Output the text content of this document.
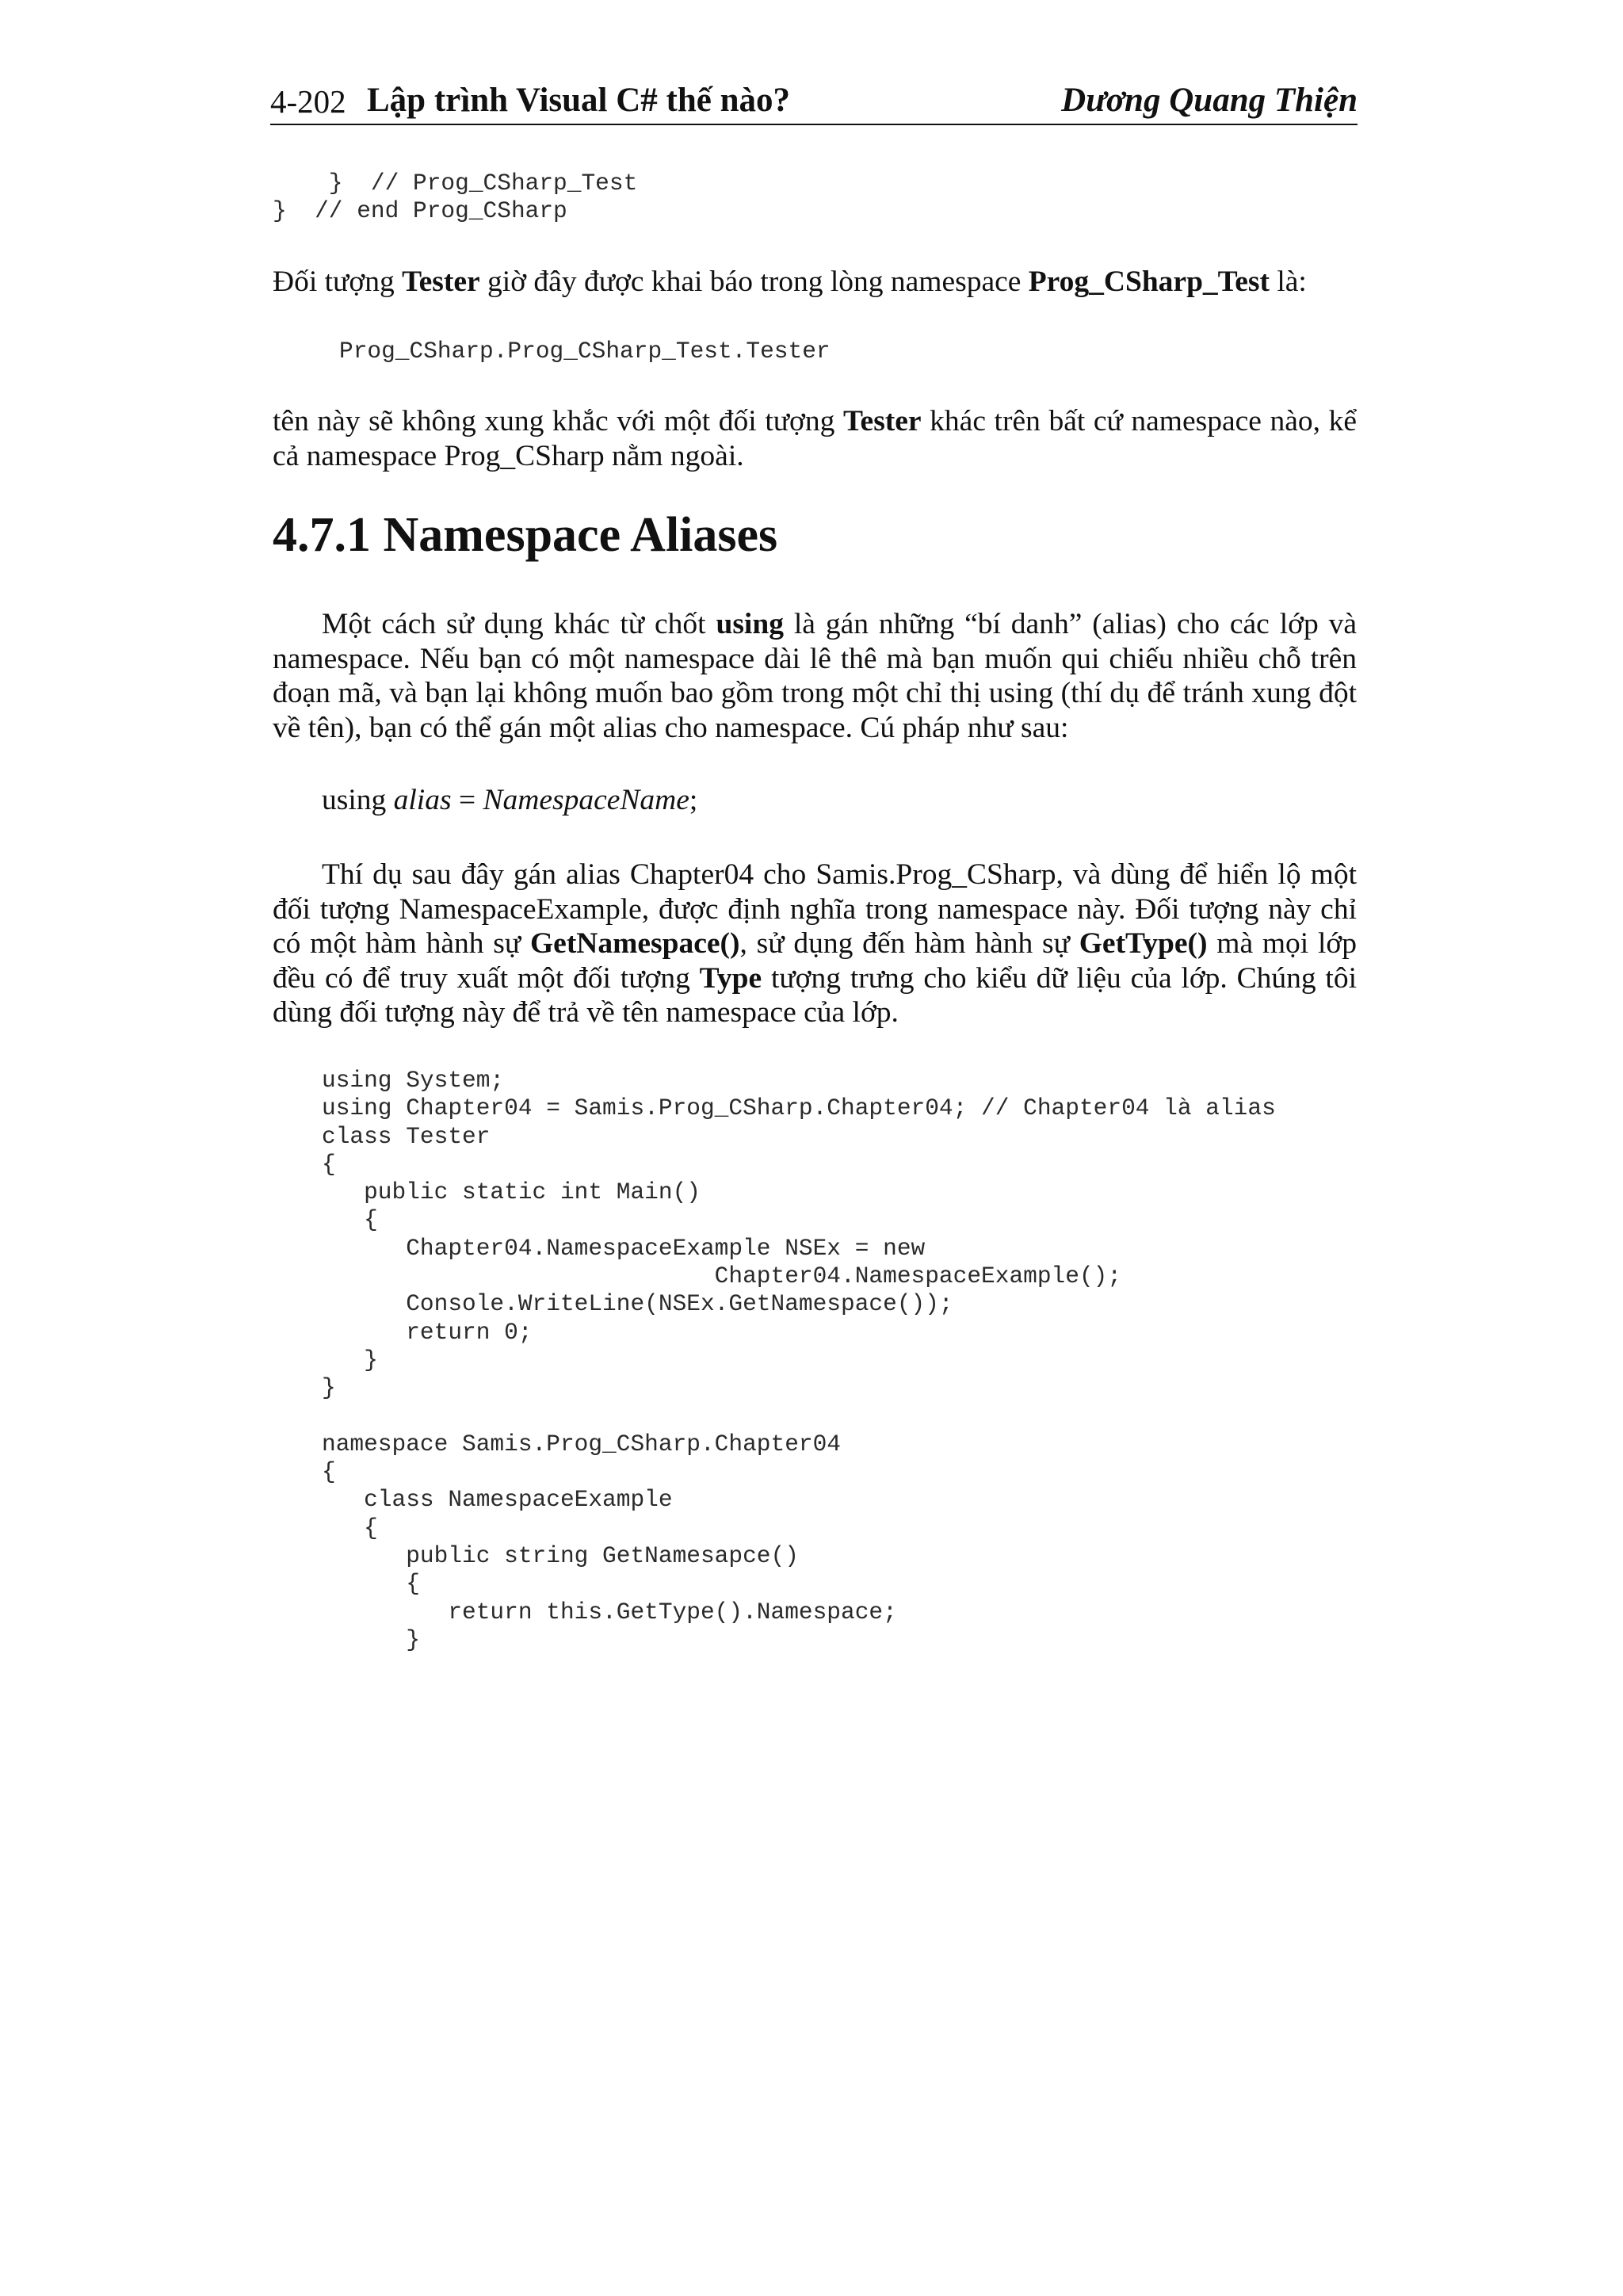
4-202 Lập trình Visual C# thế nào?	Dương Quang Thiện
}  // Prog_CSharp_Test
}  // end Prog_CSharp

Đối tượng Tester giờ đây được khai báo trong lòng namespace Prog_CSharp_Test là:

Prog_CSharp.Prog_CSharp_Test.Tester

tên này sẽ không xung khắc với một đối tượng Tester khác trên bất cứ namespace nào, kể cả namespace Prog_CSharp nằm ngoài.

4.7.1 Namespace Aliases

Một cách sử dụng khác từ chốt using là gán những “bí danh” (alias) cho các lớp và namespace. Nếu bạn có một namespace dài lê thê mà bạn muốn qui chiếu nhiều chỗ trên đoạn mã, và bạn lại không muốn bao gồm trong một chỉ thị using (thí dụ để tránh xung đột về tên), bạn có thể gán một alias cho namespace. Cú pháp như sau:

using alias = NamespaceName;

Thí dụ sau đây gán alias Chapter04 cho Samis.Prog_CSharp, và dùng để hiển lộ một đối tượng NamespaceExample, được định nghĩa trong namespace này. Đối tượng này chỉ có một hàm hành sự GetNamespace(), sử dụng đến hàm hành sự GetType() mà mọi lớp đều có để truy xuất một đối tượng Type tượng trưng cho kiểu dữ liệu của lớp. Chúng tôi dùng đối tượng này để trả về tên namespace của lớp.

using System;
using Chapter04 = Samis.Prog_CSharp.Chapter04; // Chapter04 là alias
class Tester
{
public static int Main()
{
Chapter04.NamespaceExample NSEx = new
Chapter04.NamespaceExample();
Console.WriteLine(NSEx.GetNamespace());
return 0;
}
}

namespace Samis.Prog_CSharp.Chapter04
{
class NamespaceExample
{
public string GetNamesapce()
{
return this.GetType().Namespace;
}
